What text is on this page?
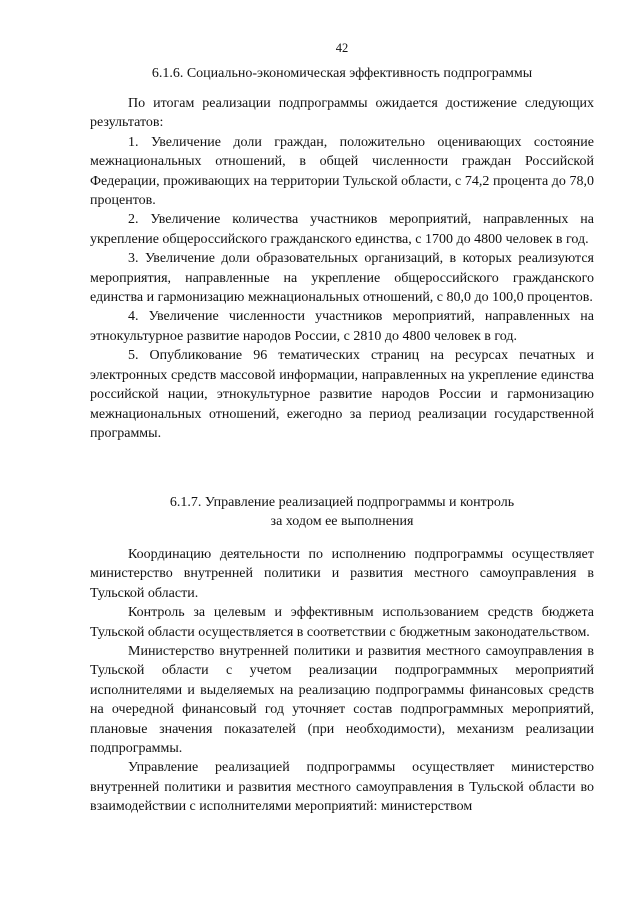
42
6.1.6. Социально-экономическая эффективность подпрограммы

По итогам реализации подпрограммы ожидается достижение следующих результатов:

1. Увеличение доли граждан, положительно оценивающих состояние межнациональных отношений, в общей численности граждан Российской Федерации, проживающих на территории Тульской области, с 74,2 процента до 78,0 процентов.

2. Увеличение количества участников мероприятий, направленных на укрепление общероссийского гражданского единства, с 1700 до 4800 человек в год.

3. Увеличение доли образовательных организаций, в которых реализуются мероприятия, направленные на укрепление общероссийского гражданского единства и гармонизацию межнациональных отношений, с 80,0 до 100,0 процентов.

4. Увеличение численности участников мероприятий, направленных на этнокультурное развитие народов России, с 2810 до 4800 человек в год.

5. Опубликование 96 тематических страниц на ресурсах печатных и электронных средств массовой информации, направленных на укрепление единства российской нации, этнокультурное развитие народов России и гармонизацию межнациональных отношений, ежегодно за период реализации государственной программы.

6.1.7. Управление реализацией подпрограммы и контроль
за ходом ее выполнения

Координацию деятельности по исполнению подпрограммы осуществляет министерство внутренней политики и развития местного самоуправления в Тульской области.

Контроль за целевым и эффективным использованием средств бюджета Тульской области осуществляется в соответствии с бюджетным законодательством.

Министерство внутренней политики и развития местного самоуправления в Тульской области с учетом реализации подпрограммных мероприятий исполнителями и выделяемых на реализацию подпрограммы финансовых средств на очередной финансовый год уточняет состав подпрограммных мероприятий, плановые значения показателей (при необходимости), механизм реализации подпрограммы.

Управление реализацией подпрограммы осуществляет министерство внутренней политики и развития местного самоуправления в Тульской области во взаимодействии с исполнителями мероприятий: министерством
